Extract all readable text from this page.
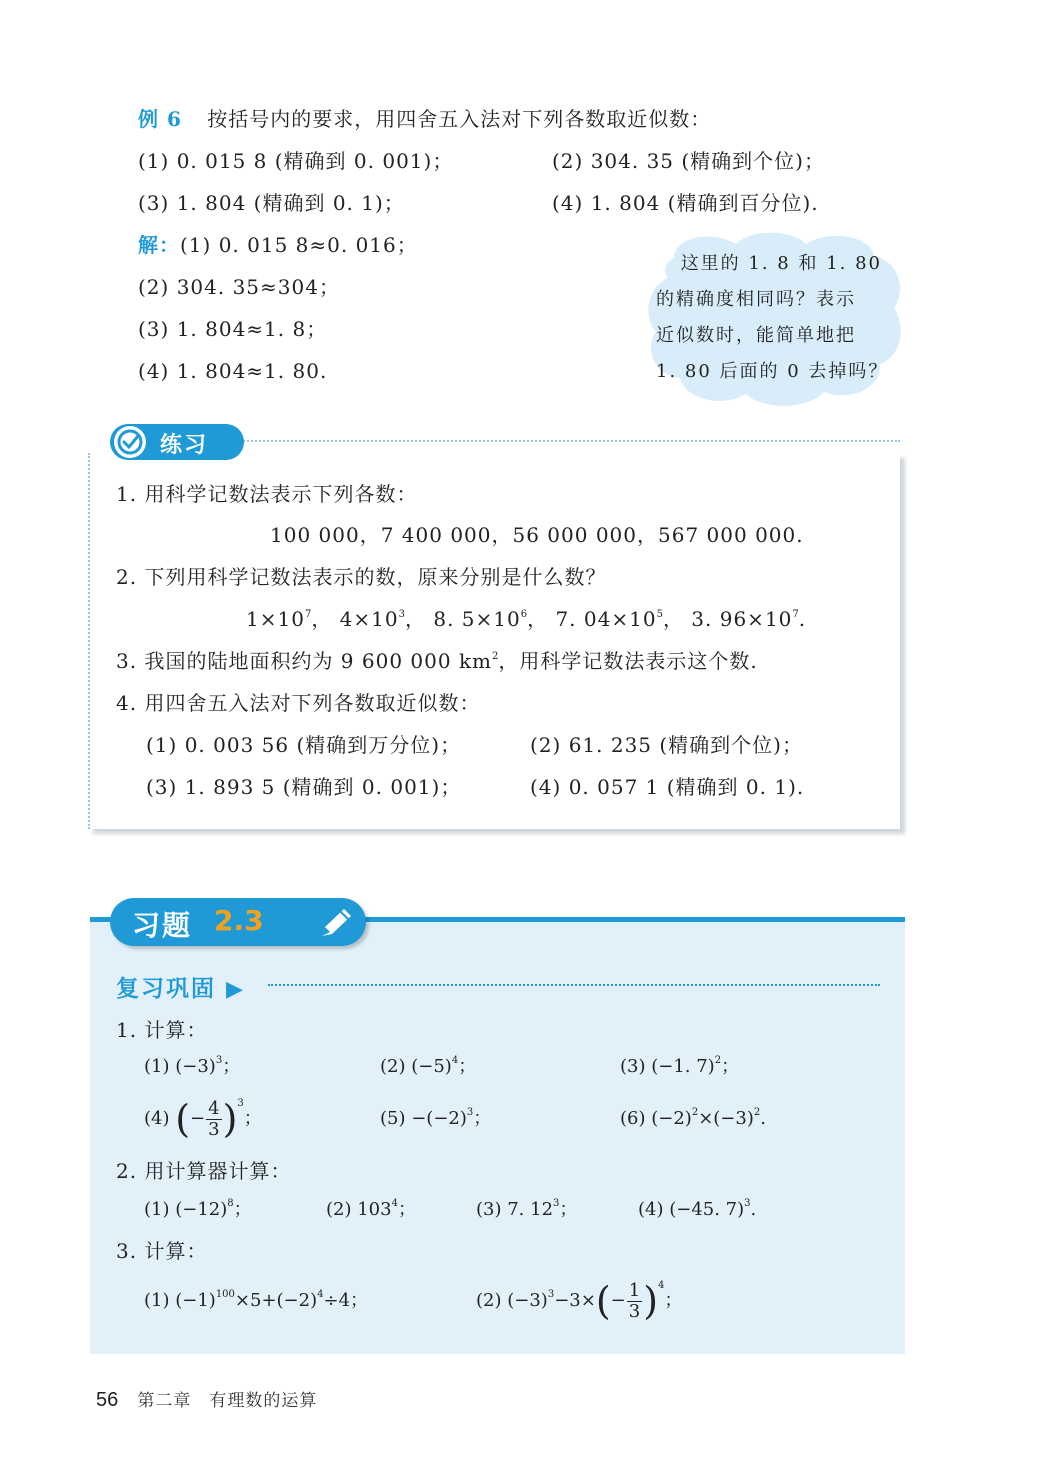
例 6 按括号内的要求，用四舍五入法对下列各数取近似数：
(1) 0. 015 8 (精确到 0. 001)；	(2) 304. 35 (精确到个位)；
(3) 1. 804 (精确到 0. 1)；	(4) 1. 804 (精确到百分位).
解：(1) 0. 015 8≈0. 016；
(2) 304. 35≈304；
(3) 1. 804≈1. 8；
(4) 1. 804≈1. 80.
这里的 1. 8 和 1. 80
的精确度相同吗？表示
近似数时，能简单地把
1. 80 后面的 0 去掉吗？
练习
1. 用科学记数法表示下列各数：
100 000，7 400 000，56 000 000，567 000 000.
2. 下列用科学记数法表示的数，原来分别是什么数？
$1\times 10^7$， $4\times 10^3$， 8. $5\times 10^6$， 7. $04\times 10^5$， 3. $96\times 10^7$.
3. 我国的陆地面积约为 9 600 000 $km^2$，用科学记数法表示这个数.
4. 用四舍五入法对下列各数取近似数：
(1) 0. 003 56 (精确到万分位)；	(2) 61. 235 (精确到个位)；
(3) 1. 893 5 (精确到 0. 001)；	(4) 0. 057 1 (精确到 0. 1).
习题 2.3
复习巩固 ▶
1. 计算：
(1) $(-3)^3$；	(2) $(-5)^4$；	(3) (−1. 7)$^2$；
(4) (− $\frac{4}{3} )^3$；	$(5) -(-2)^3$；	(6) $(-2)^2\times(-3)^2$.
2. 用计算器计算：
(1) $(-12)^8$；	(2) $103^4$；	(3) 7. $12^3$；	(4) (−45. 7)$^3$.
3. 计算：
(1) $(-1)^{100}\times 5+(-2)^4\div 4$；	(2) $(-3)^3-3\times(- \frac{1}{3} )^4$；
56 第二章　有理数的运算
